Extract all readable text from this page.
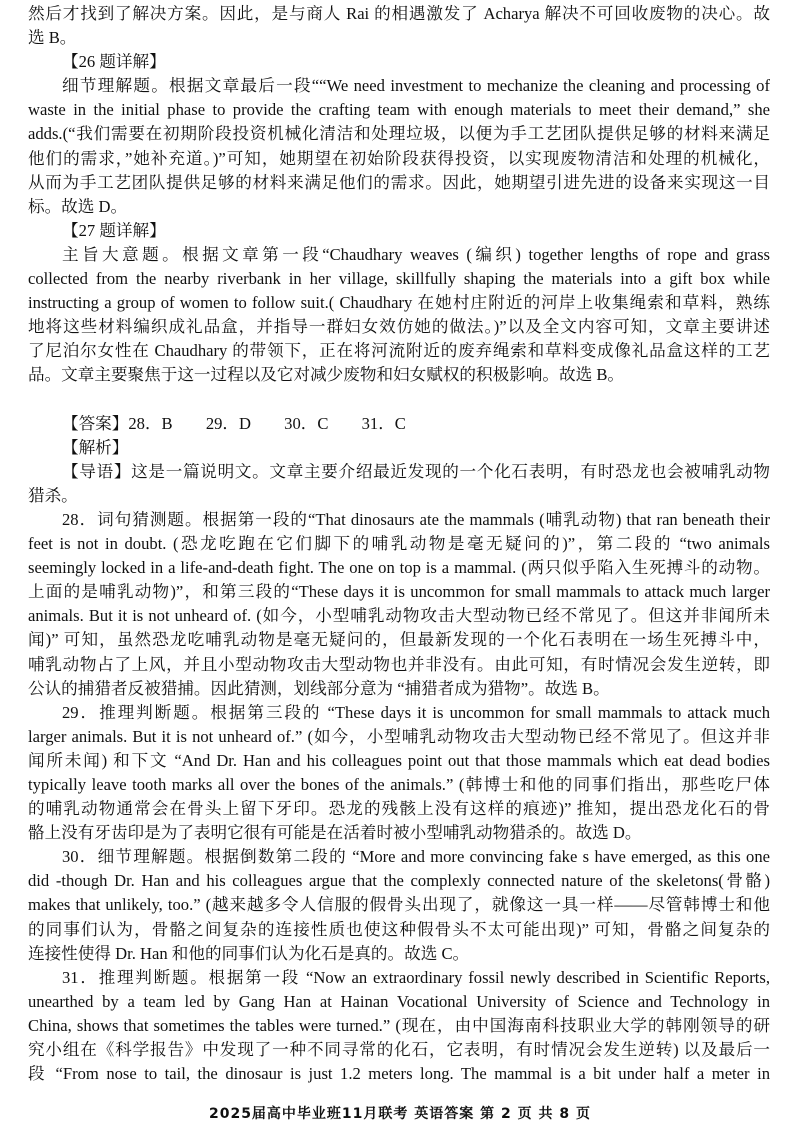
然后才找到了解决方案。因此，是与商人 Rai 的相遇激发了 Acharya 解决不可回收废物的决心。故
选 B。
【26 题详解】
细节理解题。根据文章最后一段““We need investment to mechanize the cleaning and processing of
waste in the initial phase to provide the crafting team with enough materials to meet their demand,” she
adds.(“我们需要在初期阶段投资机械化清洁和处理垃圾，以便为手工艺团队提供足够的材料来满足
他们的需求，”她补充道。)”可知，她期望在初始阶段获得投资，以实现废物清洁和处理的机械化，
从而为手工艺团队提供足够的材料来满足他们的需求。因此，她期望引进先进的设备来实现这一目
标。故选 D。
【27 题详解】
主旨大意题。根据文章第一段“Chaudhary weaves (编织) together lengths of rope and grass
collected from the nearby riverbank in her village, skillfully shaping the materials into a gift box while
instructing a group of women to follow suit.( Chaudhary 在她村庄附近的河岸上收集绳索和草料，熟练
地将这些材料编织成礼品盒，并指导一群妇女效仿她的做法。)”以及全文内容可知，文章主要讲述
了尼泊尔女性在 Chaudhary 的带领下，正在将河流附近的废弃绳索和草料变成像礼品盒这样的工艺
品。文章主要聚焦于这一过程以及它对减少废物和妇女赋权的积极影响。故选 B。
【答案】28．B　　29．D　　30．C　　31．C
【解析】
【导语】这是一篇说明文。文章主要介绍最近发现的一个化石表明，有时恐龙也会被哺乳动物
猎杀。
28．词句猜测题。根据第一段的“That dinosaurs ate the mammals (哺乳动物) that ran beneath their
feet is not in doubt. (恐龙吃跑在它们脚下的哺乳动物是毫无疑问的)”，第二段的 “two animals
seemingly locked in a life-and-death fight. The one on top is a mammal. (两只似乎陷入生死搏斗的动物。
上面的是哺乳动物)”，和第三段的“These days it is uncommon for small mammals to attack much larger
animals. But it is not unheard of. (如今，小型哺乳动物攻击大型动物已经不常见了。但这并非闻所未
闻)” 可知，虽然恐龙吃哺乳动物是毫无疑问的，但最新发现的一个化石表明在一场生死搏斗中，
哺乳动物占了上风，并且小型动物攻击大型动物也并非没有。由此可知，有时情况会发生逆转，即
公认的捕猎者反被猎捕。因此猜测，划线部分意为 “捕猎者成为猎物”。故选 B。
29．推理判断题。根据第三段的 “These days it is uncommon for small mammals to attack much
larger animals. But it is not unheard of.” (如今，小型哺乳动物攻击大型动物已经不常见了。但这并非
闻所未闻) 和下文 “And Dr. Han and his colleagues point out that those mammals which eat dead bodies
typically leave tooth marks all over the bones of the animals.” (韩博士和他的同事们指出，那些吃尸体
的哺乳动物通常会在骨头上留下牙印。恐龙的残骸上没有这样的痕迹)” 推知，提出恐龙化石的骨
骼上没有牙齿印是为了表明它很有可能是在活着时被小型哺乳动物猎杀的。故选 D。
30．细节理解题。根据倒数第二段的 “More and more convincing fake s have emerged, as this one
did -though Dr. Han and his colleagues argue that the complexly connected nature of the skeletons(骨骼)
makes that unlikely, too.” (越来越多令人信服的假骨头出现了，就像这一具一样——尽管韩博士和他
的同事们认为，骨骼之间复杂的连接性质也使这种假骨头不太可能出现)” 可知，骨骼之间复杂的
连接性使得 Dr. Han 和他的同事们认为化石是真的。故选 C。
31．推理判断题。根据第一段 “Now an extraordinary fossil newly described in Scientific Reports,
unearthed by a team led by Gang Han at Hainan Vocational University of Science and Technology in
China, shows that sometimes the tables were turned.” (现在，由中国海南科技职业大学的韩刚领导的研
究小组在《科学报告》中发现了一种不同寻常的化石，它表明，有时情况会发生逆转) 以及最后一
段 “From nose to tail, the dinosaur is just 1.2 meters long. The mammal is a bit under half a meter in
2025届高中毕业班11月联考 英语答案 第 2 页 共 8 页
